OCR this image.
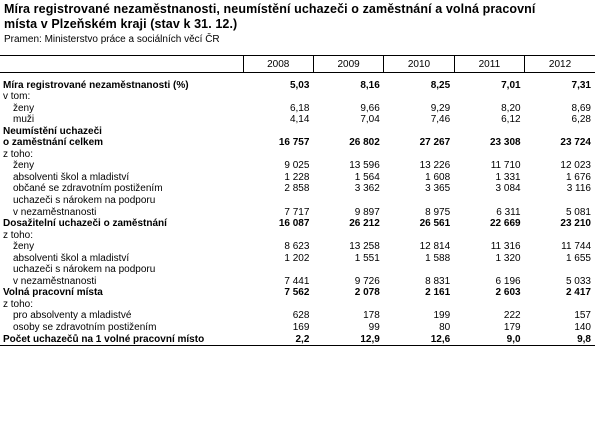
Míra registrované nezaměstnanosti, neumístění uchazeči o zaměstnání a volná pracovní
místa v Plzeňském kraji (stav k 31. 12.)
Pramen: Ministerstvo práce a sociálních věcí ČR
	2008	2009	2010	2011	2012
Míra registrované nezaměstnanosti (%)	5,03	8,16	8,25	7,01	7,31
v tom:					
ženy	6,18	9,66	9,29	8,20	8,69
muži	4,14	7,04	7,46	6,12	6,28
Neumístění uchazeči					
o zaměstnání celkem	16 757	26 802	27 267	23 308	23 724
z toho:					
ženy	9 025	13 596	13 226	11 710	12 023
absolventi škol a mladiství	1 228	1 564	1 608	1 331	1 676
občané se zdravotním postižením	2 858	3 362	3 365	3 084	3 116
uchazeči s nárokem na podporu					
v nezaměstnanosti	7 717	9 897	8 975	6 311	5 081
Dosažitelní uchazeči o zaměstnání	16 087	26 212	26 561	22 669	23 210
z toho:					
ženy	8 623	13 258	12 814	11 316	11 744
absolventi škol a mladiství	1 202	1 551	1 588	1 320	1 655
uchazeči s nárokem na podporu					
v nezaměstnanosti	7 441	9 726	8 831	6 196	5 033
Volná pracovní místa	7 562	2 078	2 161	2 603	2 417
z toho:					
pro absolventy a mladistvé	628	178	199	222	157
osoby se zdravotním postižením	169	99	80	179	140
Počet uchazečů na 1 volné pracovní místo	2,2	12,9	12,6	9,0	9,8
